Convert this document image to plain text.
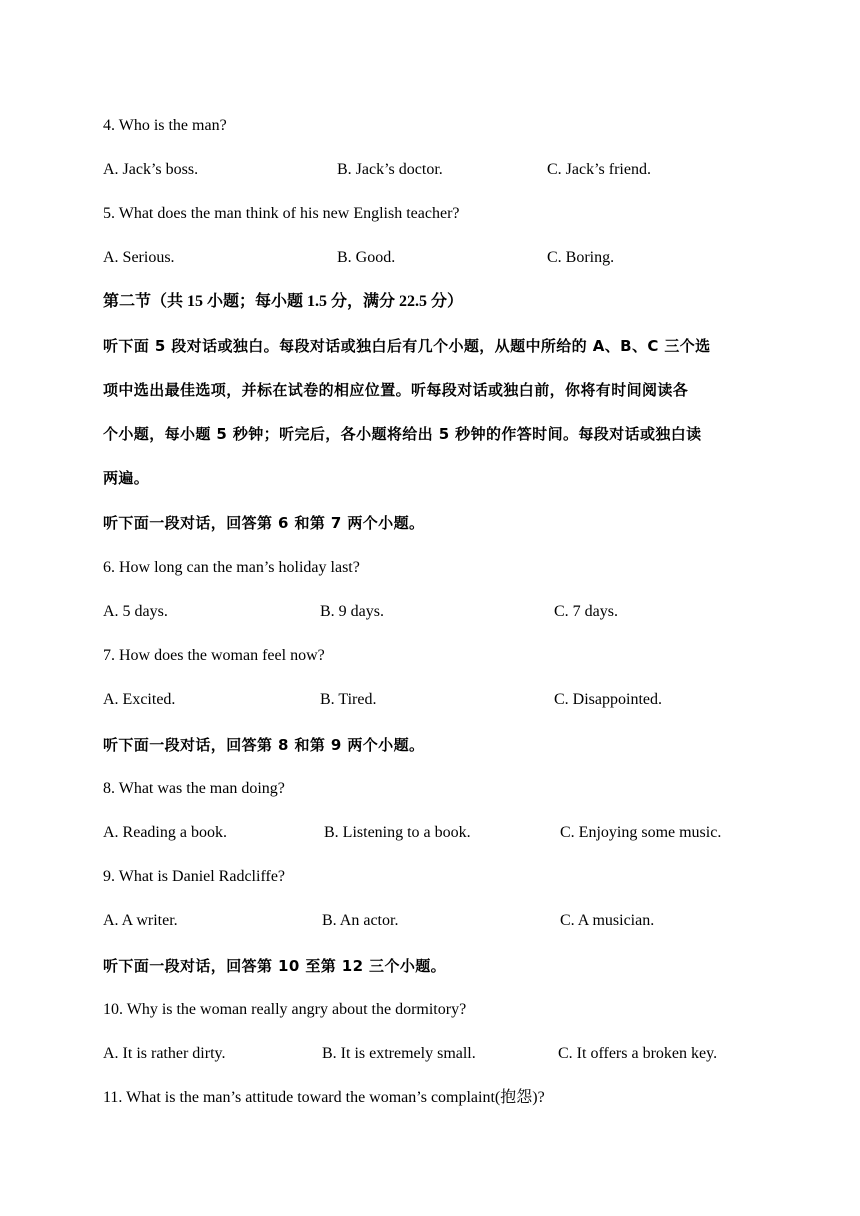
4. Who is the man?
A. Jack’s boss.	B. Jack’s doctor.	C. Jack’s friend.
5. What does the man think of his new English teacher?
A. Serious.	B. Good.	C. Boring.
第二节（共 15 小题；每小题 1.5 分，满分 22.5 分）
听下面 5 段对话或独白。每段对话或独白后有几个小题，从题中所给的 A、B、C 三个选
项中选出最佳选项，并标在试卷的相应位置。听每段对话或独白前，你将有时间阅读各
个小题，每小题 5 秒钟；听完后，各小题将给出 5 秒钟的作答时间。每段对话或独白读
两遍。
听下面一段对话，回答第 6 和第 7 两个小题。
6. How long can the man’s holiday last?
A. 5 days.	B. 9 days.	C. 7 days.
7. How does the woman feel now?
A. Excited.	B. Tired.	C. Disappointed.
听下面一段对话，回答第 8 和第 9 两个小题。
8. What was the man doing?
A. Reading a book.	B. Listening to a book.	C. Enjoying some music.
9. What is Daniel Radcliffe?
A. A writer.	B. An actor.	C. A musician.
听下面一段对话，回答第 10 至第 12 三个小题。
10. Why is the woman really angry about the dormitory?
A. It is rather dirty.	B. It is extremely small.	C. It offers a broken key.
11. What is the man’s attitude toward the woman’s complaint(抱怨)?
